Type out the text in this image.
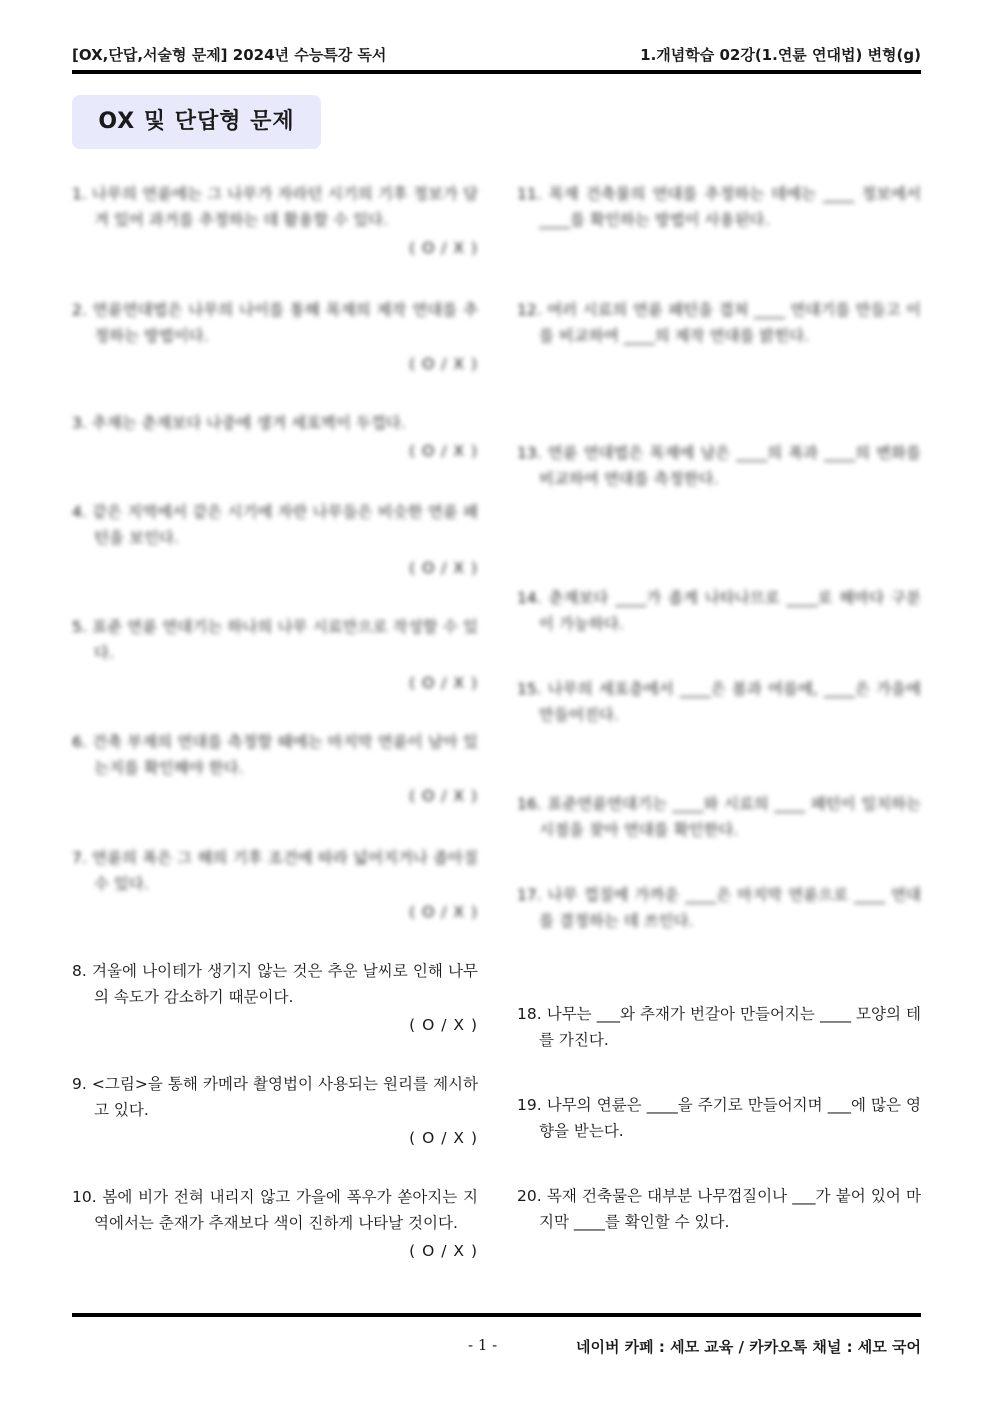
[OX,단답,서술형 문제] 2024년 수능특강 독서	1.개념학습 02강(1.연륜 연대법) 변형(g)
OX 및 단답형 문제
1. 나무의 연륜에는 그 나무가 자라던 시기의 기후 정보가 담겨 있어 과거를 추정하는 데 활용할 수 있다.
( O / X )
2. 연륜연대법은 나무의 나이를 통해 목재의 제작 연대를 추정하는 방법이다.
( O / X )
3. 추재는 춘재보다 나중에 생겨 세포벽이 두껍다.
( O / X )
4. 같은 지역에서 같은 시기에 자란 나무들은 비슷한 연륜 패턴을 보인다.
( O / X )
5. 표준 연륜 연대기는 하나의 나무 시료만으로 작성할 수 있다.
( O / X )
6. 건축 부재의 연대를 측정할 때에는 마지막 연륜이 남아 있는지를 확인해야 한다.
( O / X )
7. 연륜의 폭은 그 해의 기후 조건에 따라 넓어지거나 좁아질 수 있다.
( O / X )
8. 겨울에 나이테가 생기지 않는 것은 추운 날씨로 인해 나무의 속도가 감소하기 때문이다.
( O / X )
9. <그림>을 통해 카메라 촬영법이 사용되는 원리를 제시하고 있다.
( O / X )
10. 봄에 비가 전혀 내리지 않고 가을에 폭우가 쏟아지는 지역에서는 춘재가 추재보다 색이 진하게 나타날 것이다.
( O / X )
11. 목재 건축물의 연대를 추정하는 데에는 ____ 정보에서 ____를 확인하는 방법이 사용된다.
12. 여러 시료의 연륜 패턴을 겹쳐 ____ 연대기를 만들고 이를 비교하여 ____의 제작 연대를 밝힌다.
13. 연륜 연대법은 목재에 남은 ____의 폭과 ____의 변화를 비교하여 연대를 측정한다.
14. 춘재보다 ____가 좁게 나타나므로 ____로 해마다 구분이 가능하다.
15. 나무의 세포층에서 ____은 봄과 여름에, ____은 가을에 만들어진다.
16. 표준연륜연대기는 ____와 시료의 ____ 패턴이 일치하는 시점을 찾아 연대를 확인한다.
17. 나무 껍질에 가까운 ____은 마지막 연륜으로 ____ 연대를 결정하는 데 쓰인다.
18. 나무는 ___와 추재가 번갈아 만들어지는 ____ 모양의 테를 가진다.
19. 나무의 연륜은 ____을 주기로 만들어지며 ___에 많은 영향을 받는다.
20. 목재 건축물은 대부분 나무껍질이나 ___가 붙어 있어 마지막 ____를 확인할 수 있다.
- 1 -	네이버 카페 : 세모 교육 / 카카오톡 채널 : 세모 국어
